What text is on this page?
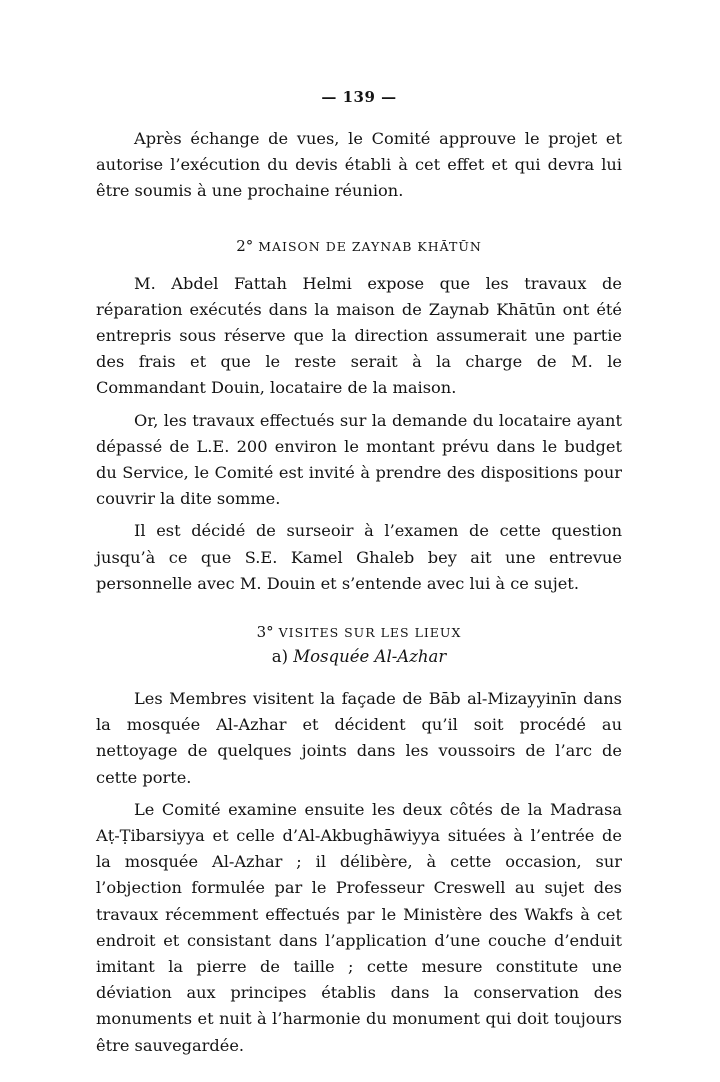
— 139 —

Après échange de vues, le Comité approuve le projet et autorise l’exécution du devis établi à cet effet et qui devra lui être soumis à une prochaine réunion.

2° MAISON DE ZAYNAB KHĀTŪN

M. Abdel Fattah Helmi expose que les travaux de réparation exécutés dans la maison de Zaynab Khātūn ont été entrepris sous réserve que la direction assumerait une partie des frais et que le reste serait à la charge de M. le Commandant Douin, locataire de la maison.

Or, les travaux effectués sur la demande du locataire ayant dépassé de L.E. 200 environ le montant prévu dans le budget du Service, le Comité est invité à prendre des dispositions pour couvrir la dite somme.

Il est décidé de surseoir à l’examen de cette question jusqu’à ce que S.E. Kamel Ghaleb bey ait une entrevue personnelle avec M. Douin et s’entende avec lui à ce sujet.

3° VISITES SUR LES LIEUX
a) Mosquée Al-Azhar

Les Membres visitent la façade de Bāb al-Mizayyinīn dans la mosquée Al-Azhar et décident qu’il soit procédé au nettoyage de quelques joints dans les voussoirs de l’arc de cette porte.

Le Comité examine ensuite les deux côtés de la Madrasa Aṭ-Ṭibarsiyya et celle d’Al-Akbughāwiyya situées à l’entrée de la mosquée Al-Azhar ; il délibère, à cette occasion, sur l’objection formulée par le Professeur Creswell au sujet des travaux récemment effectués par le Ministère des Wakfs à cet endroit et consistant dans l’application d’une couche d’enduit imitant la pierre de taille ; cette mesure constitute une déviation aux principes établis dans la conservation des monuments et nuit à l’harmonie du monument qui doit toujours être sauvegardée.
